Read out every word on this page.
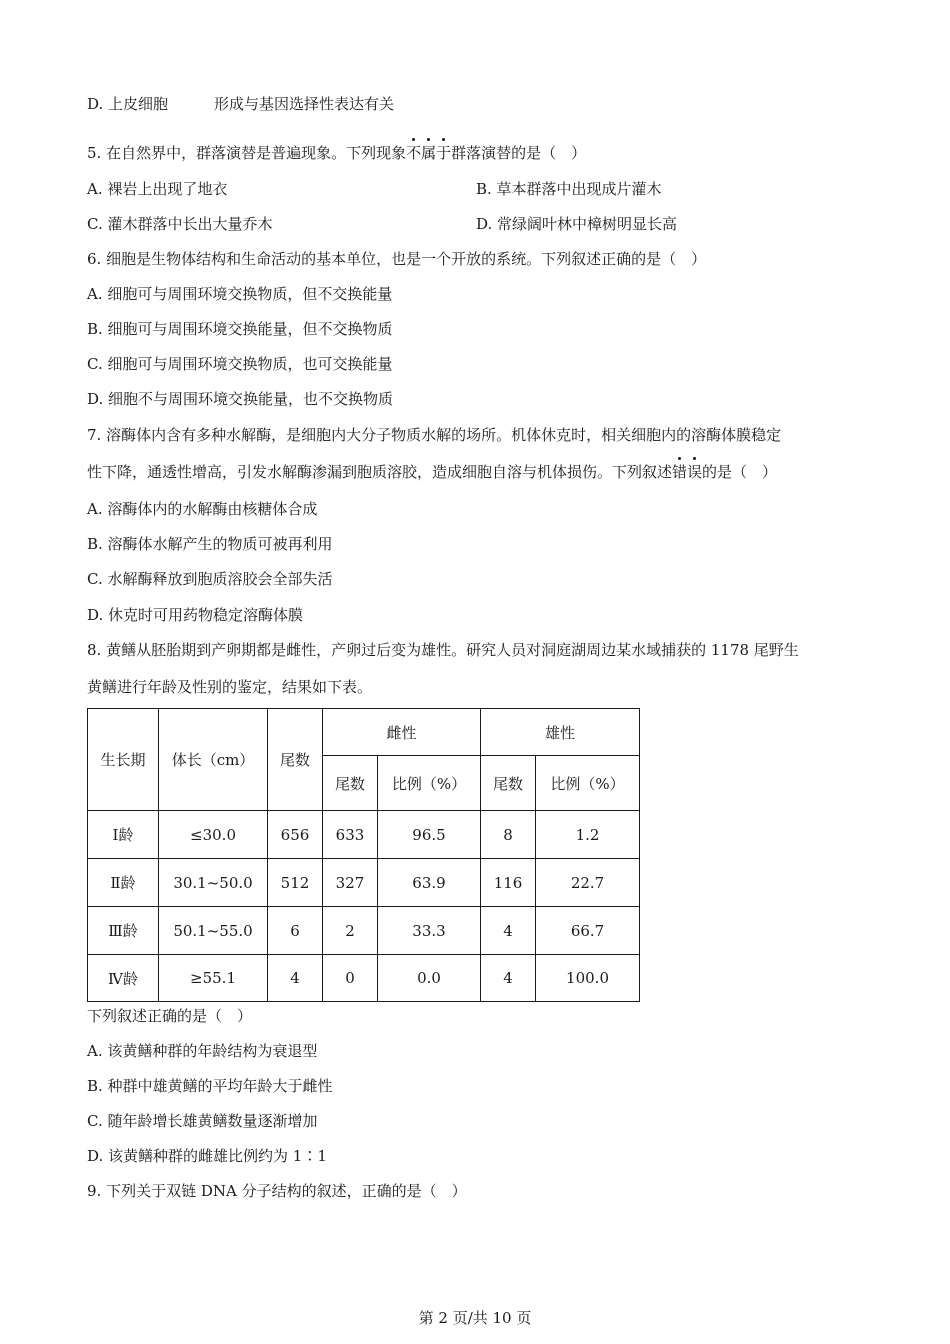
D. 上皮细胞	形成与基因选择性表达有关
5. 在自然界中，群落演替是普遍现象。下列现象不属于群落演替的是（　）
A. 裸岩上出现了地衣	B. 草本群落中出现成片灌木
C. 灌木群落中长出大量乔木	D. 常绿阔叶林中樟树明显长高
6. 细胞是生物体结构和生命活动的基本单位，也是一个开放的系统。下列叙述正确的是（　）
A. 细胞可与周围环境交换物质，但不交换能量
B. 细胞可与周围环境交换能量，但不交换物质
C. 细胞可与周围环境交换物质，也可交换能量
D. 细胞不与周围环境交换能量，也不交换物质
7. 溶酶体内含有多种水解酶，是细胞内大分子物质水解的场所。机体休克时，相关细胞内的溶酶体膜稳定
性下降，通透性增高，引发水解酶渗漏到胞质溶胶，造成细胞自溶与机体损伤。下列叙述错误的是（　）
A. 溶酶体内的水解酶由核糖体合成
B. 溶酶体水解产生的物质可被再利用
C. 水解酶释放到胞质溶胶会全部失活
D. 休克时可用药物稳定溶酶体膜
8. 黄鳝从胚胎期到产卵期都是雌性，产卵过后变为雄性。研究人员对洞庭湖周边某水域捕获的 1178 尾野生
黄鳝进行年龄及性别的鉴定，结果如下表。
生长期	体长（cm）	尾数	雌性		雄性	
			尾数	比例（%）	尾数	比例（%）
Ⅰ龄	≤30.0	656	633	96.5	8	1.2
Ⅱ龄	30.1~50.0	512	327	63.9	116	22.7
Ⅲ龄	50.1~55.0	6	2	33.3	4	66.7
Ⅳ龄	≥55.1	4	0	0.0	4	100.0
下列叙述正确的是（　）
A. 该黄鳝种群的年龄结构为衰退型
B. 种群中雄黄鳝的平均年龄大于雌性
C. 随年龄增长雄黄鳝数量逐渐增加
D. 该黄鳝种群的雌雄比例约为 1∶1
9. 下列关于双链 DNA 分子结构的叙述，正确的是（　）
第 2 页/共 10 页
